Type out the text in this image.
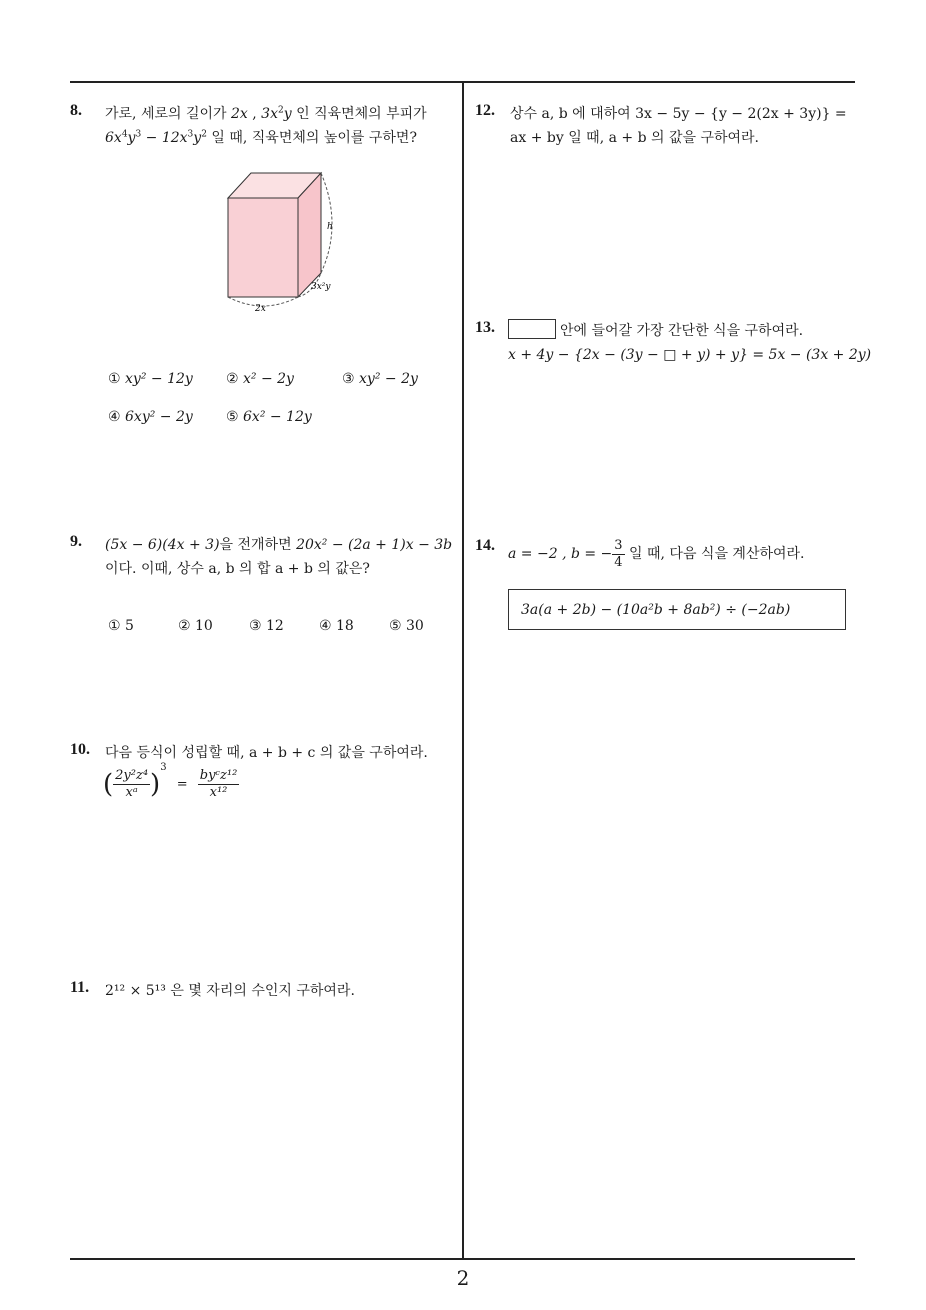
8. 가로, 세로의 길이가 2x , $3x^2y$ 인 직육면체의 부피가
$6x^4y^3 - 12x^3y^2$ 일 때, 직육면체의 높이를 구하면?
h
3x²y
2x
① xy² − 12y ② x² − 2y	③ xy² − 2y
④ 6xy² − 2y ⑤ 6x² − 12y
9. (5x − 6)(4x + 3)을 전개하면 20x² − (2a + 1)x − 3b
이다. 이때, 상수 a, b 의 합 a + b 의 값은?
① 5	② 10	③ 12	④ 18	⑤ 30
10. 다음 등식이 성립할 때, a + b + c 의 값을 구하여라.
( $\frac{\text{2y²z⁴}}{\text{xᵃ}} )^3 = \frac{\text{byᶜz¹²}}{\text{x¹²}}$
11. 2¹² × 5¹³ 은 몇 자리의 수인지 구하여라.
12. 상수 a, b 에 대하여 3x − 5y − {y − 2(2x + 3y)} =
ax + by 일 때, a + b 의 값을 구하여라.
13.	안에 들어갈 가장 간단한 식을 구하여라.
x + 4y − {2x − (3y − □ + y) + y} = 5x − (3x + 2y)
14. a = −2 , b = − $\frac{3}{4}$ 일 때, 다음 식을 계산하여라.
3a(a + 2b) − (10a²b + 8ab²) ÷ (−2ab)
2
